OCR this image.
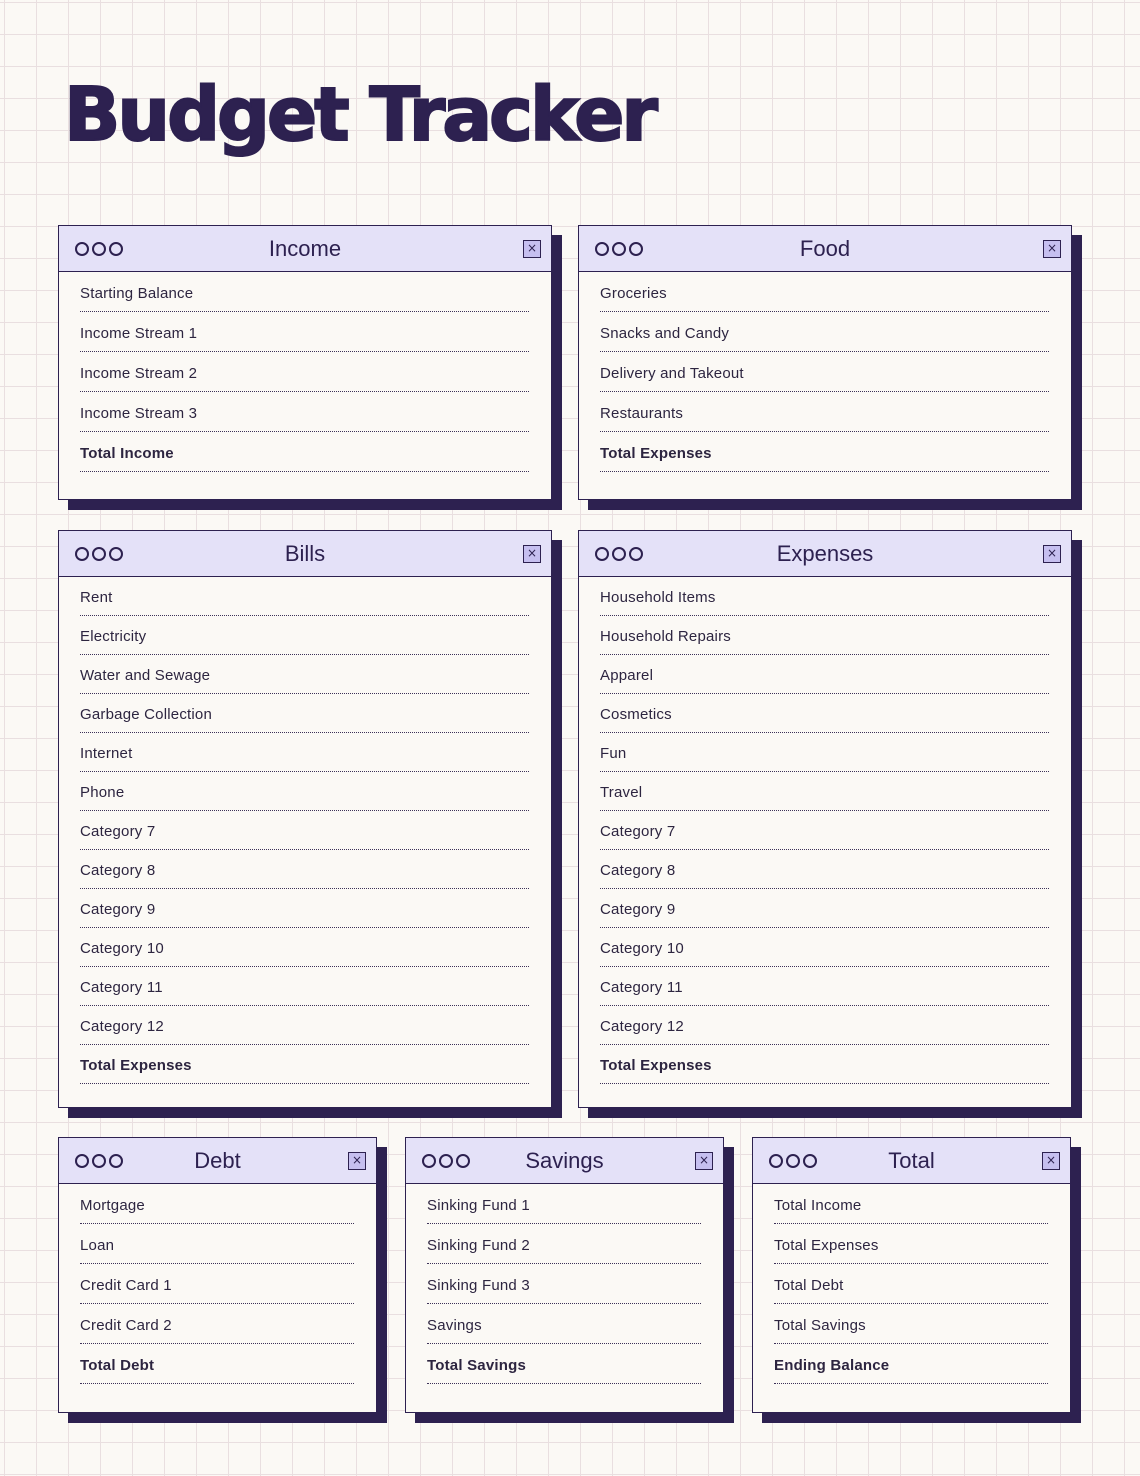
Budget Tracker
Income	×
Starting Balance
Income Stream 1
Income Stream 2
Income Stream 3
Total Income
Food	×
Groceries
Snacks and Candy
Delivery and Takeout
Restaurants
Total Expenses
Bills	×
Rent
Electricity
Water and Sewage
Garbage Collection
Internet
Phone
Category 7
Category 8
Category 9
Category 10
Category 11
Category 12
Total Expenses
Expenses	×
Household Items
Household Repairs
Apparel
Cosmetics
Fun
Travel
Category 7
Category 8
Category 9
Category 10
Category 11
Category 12
Total Expenses
Debt	×
Mortgage
Loan
Credit Card 1
Credit Card 2
Total Debt
Savings	×
Sinking Fund 1
Sinking Fund 2
Sinking Fund 3
Savings
Total Savings
Total	×
Total Income
Total Expenses
Total Debt
Total Savings
Ending Balance
